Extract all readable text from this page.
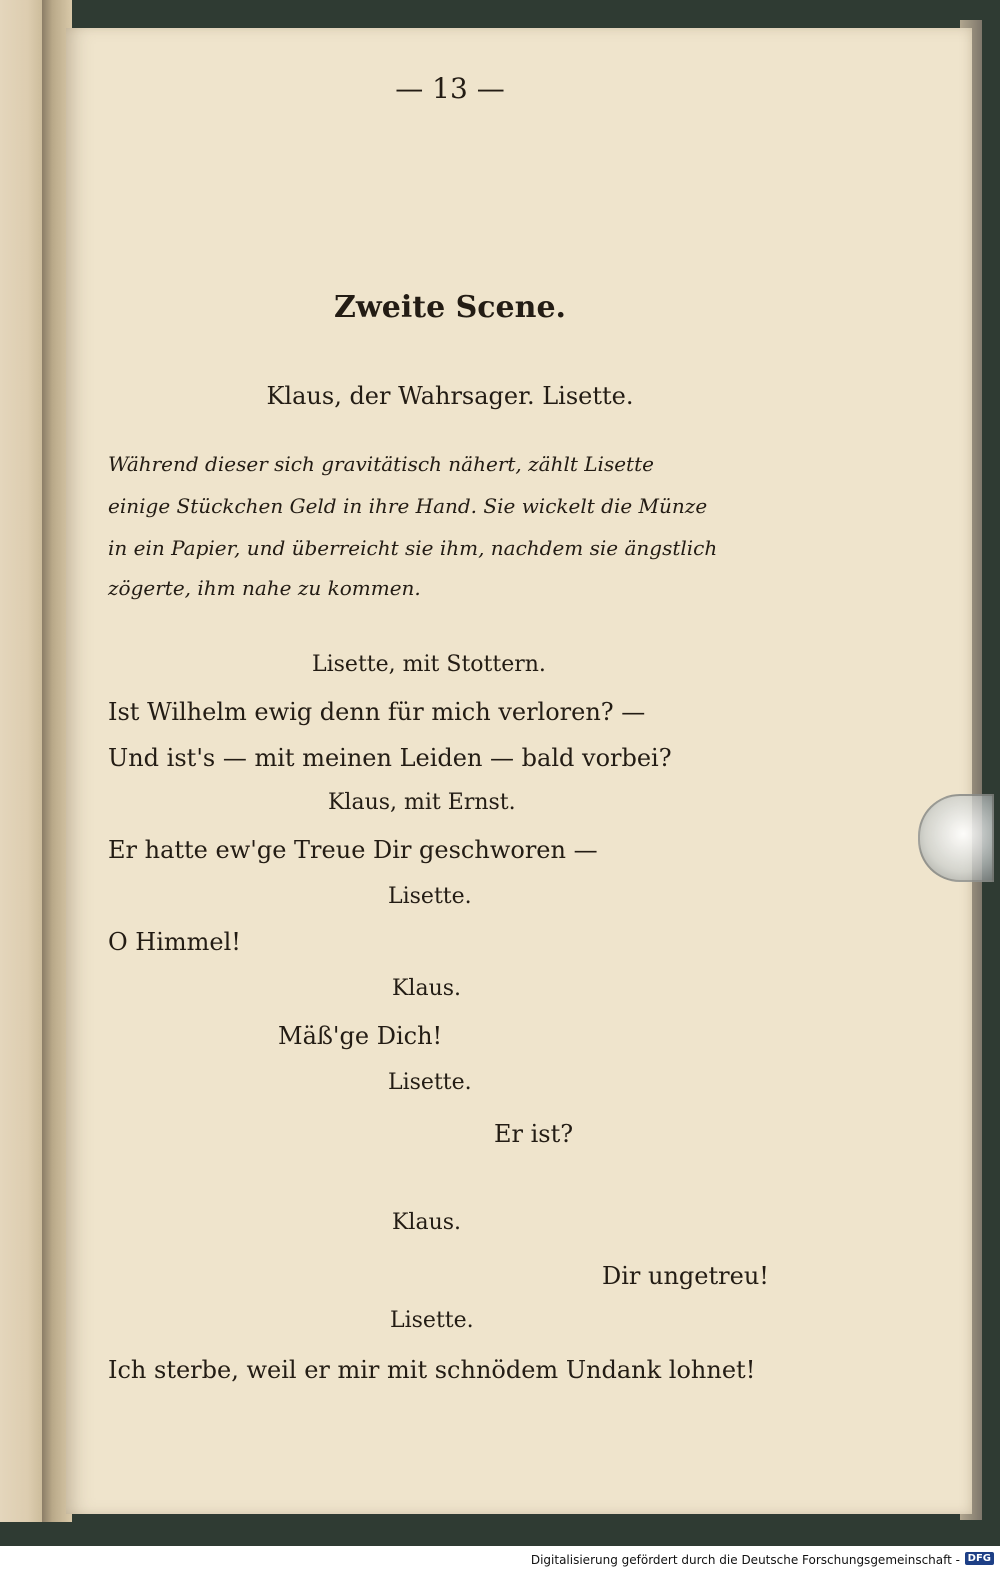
— 13 —
Zweite Scene.
Klaus, der Wahrsager. Lisette.
Während dieser sich gravitätisch nähert, zählt Lisette
einige Stückchen Geld in ihre Hand. Sie wickelt die Münze
in ein Papier, und überreicht sie ihm, nachdem sie ängstlich
zögerte, ihm nahe zu kommen.
Lisette, mit Stottern.
Ist Wilhelm ewig denn für mich verloren? —
Und ist's — mit meinen Leiden — bald vorbei?
Klaus, mit Ernst.
Er hatte ew'ge Treue Dir geschworen —
Lisette.
O Himmel!
Klaus.
Mäß'ge Dich!
Lisette.
Er ist?
Klaus.
Dir ungetreu!
Lisette.
Ich sterbe, weil er mir mit schnödem Undank lohnet!
Digitalisierung gefördert durch die Deutsche Forschungsgemeinschaft - DFG
